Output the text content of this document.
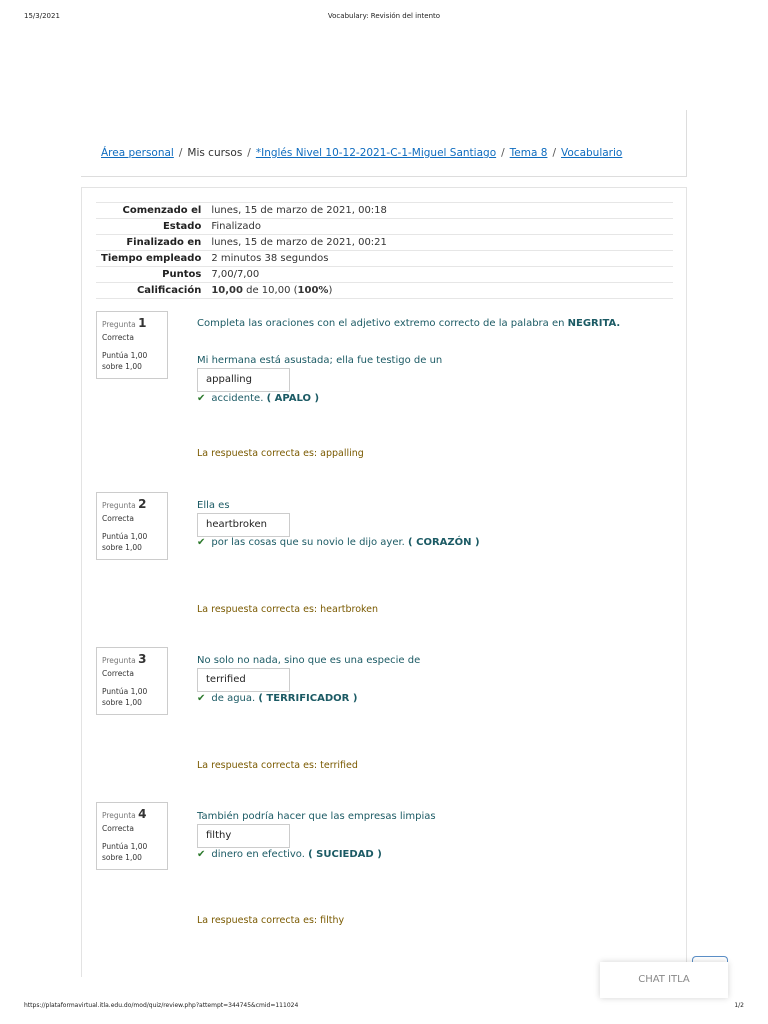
15/3/2021	Vocabulary: Revisión del intento
Área personal / Mis cursos / *Inglés Nivel 10-12-2021-C-1-Miguel Santiago / Tema 8 / Vocabulario
Comenzado el	lunes, 15 de marzo de 2021, 00:18
Estado	Finalizado
Finalizado en	lunes, 15 de marzo de 2021, 00:21
Tiempo empleado	2 minutos 38 segundos
Puntos	7,00/7,00
Calificación	10,00 de 10,00 (100%)
Pregunta 1
Correcta
Puntúa 1,00
sobre 1,00
Completa las oraciones con el adjetivo extremo correcto de la palabra en NEGRITA.
Mi hermana está asustada; ella fue testigo de un
appalling
✔ accidente. ( APALO )
La respuesta correcta es: appalling
Pregunta 2
Correcta
Puntúa 1,00
sobre 1,00
Ella es
heartbroken
✔ por las cosas que su novio le dijo ayer. ( CORAZÓN )
La respuesta correcta es: heartbroken
Pregunta 3
Correcta
Puntúa 1,00
sobre 1,00
No solo no nada, sino que es una especie de
terrified
✔ de agua. ( TERRIFICADOR )
La respuesta correcta es: terrified
Pregunta 4
Correcta
Puntúa 1,00
sobre 1,00
También podría hacer que las empresas limpias
filthy
✔ dinero en efectivo. ( SUCIEDAD )
La respuesta correcta es: filthy
CHAT ITLA
https://plataformavirtual.itla.edu.do/mod/quiz/review.php?attempt=344745&cmid=111024	1/2
